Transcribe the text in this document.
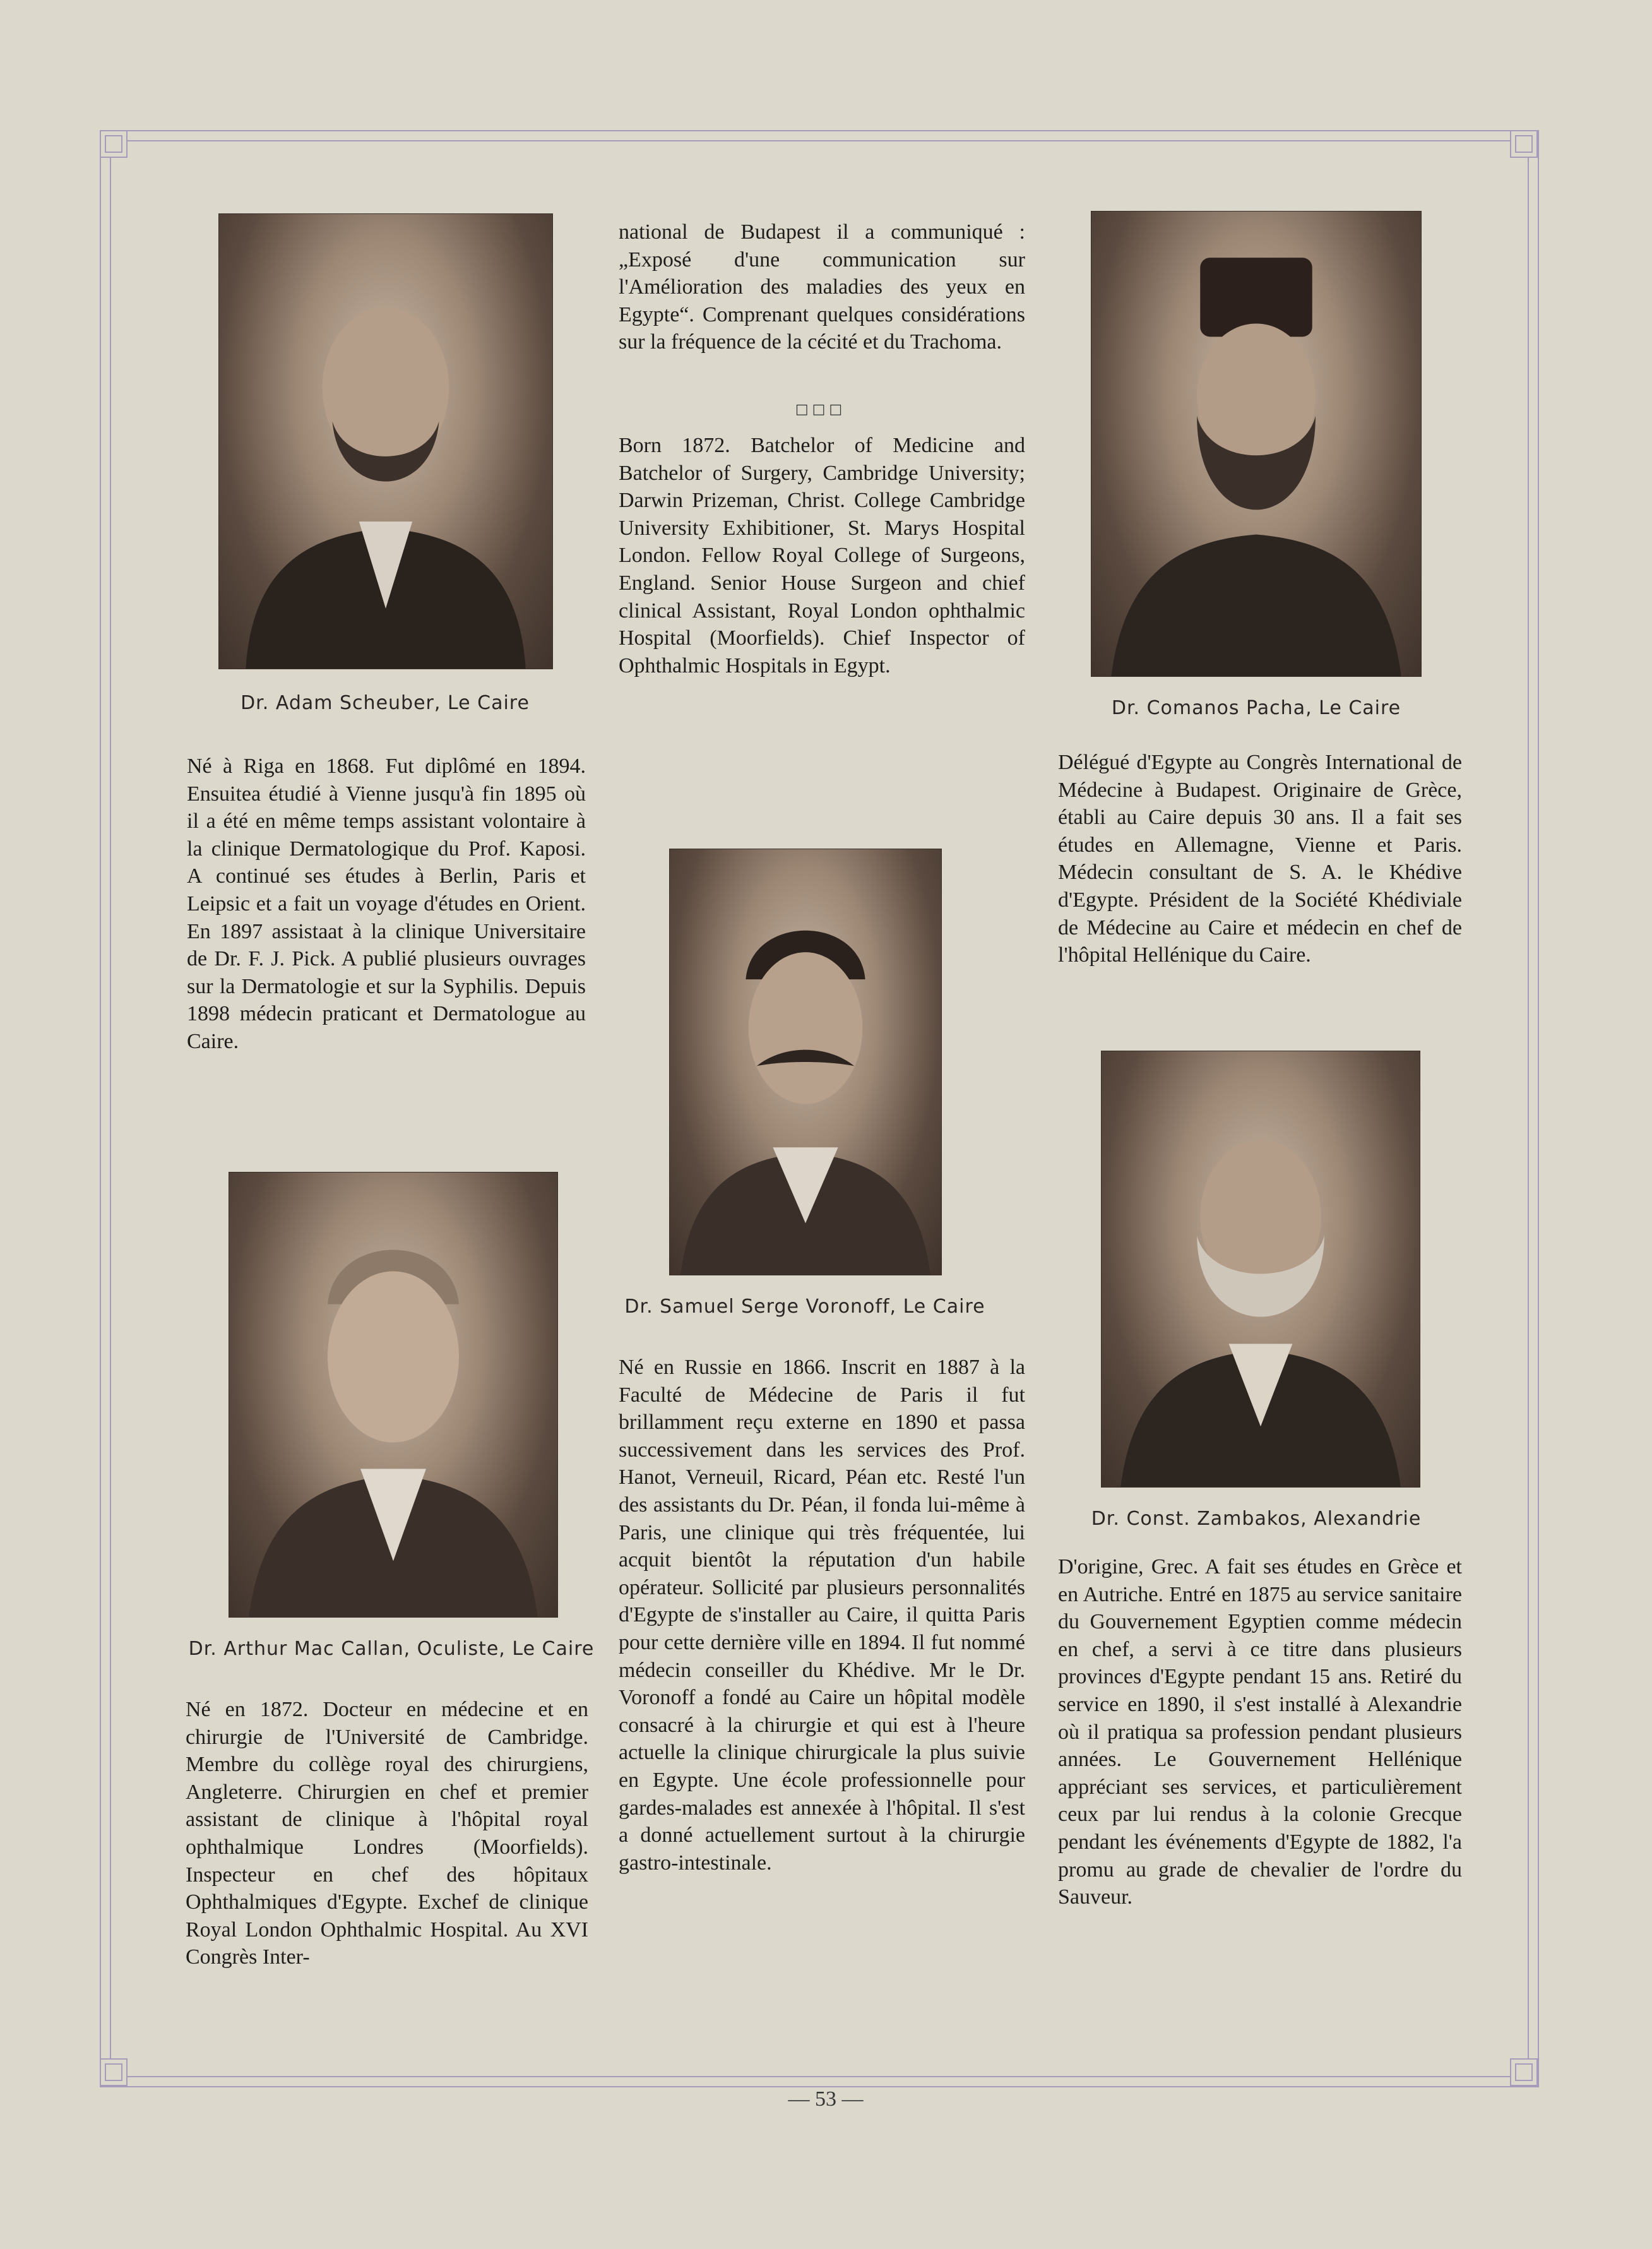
Dr. Adam Scheuber, Le Caire	Dr. Comanos Pacha, Le Caire
Dr. Samuel Serge Voronoff, Le Caire
Dr. Arthur Mac Callan, Oculiste, Le Caire
Dr. Const. Zambakos, Alexandrie

Né à Riga en 1868. Fut diplômé en 1894. Ensuitea étudié à Vienne jusqu'à fin 1895 où il a été en même temps assistant volontaire à la clinique Dermatologique du Prof. Kaposi. A continué ses études à Berlin, Paris et Leipsic et a fait un voyage d'études en Orient. En 1897 assistaat à la clinique Universitaire de Dr. F. J. Pick. A publié plusieurs ouvrages sur la Dermatologie et sur la Syphilis. Depuis 1898 médecin praticant et Dermatologue au Caire.

national de Budapest il a communiqué : „Exposé d'une communication sur l'Amélioration des maladies des yeux en Egypte“. Comprenant quelques considérations sur la fréquence de la cécité et du Trachoma.

□□□

Born 1872. Batchelor of Medicine and Batchelor of Surgery, Cambridge University; Darwin Prizeman, Christ. College Cambridge University Exhibitioner, St. Marys Hospital London. Fellow Royal College of Surgeons, England. Senior House Surgeon and chief clinical Assistant, Royal London ophthalmic Hospital (Moorfields). Chief Inspector of Ophthalmic Hospitals in Egypt.

Délégué d'Egypte au Congrès International de Médecine à Budapest. Originaire de Grèce, établi au Caire depuis 30 ans. Il a fait ses études en Allemagne, Vienne et Paris. Médecin consultant de S. A. le Khédive d'Egypte. Président de la Société Khédiviale de Médecine au Caire et médecin en chef de l'hôpital Hellénique du Caire.

Né en Russie en 1866. Inscrit en 1887 à la Faculté de Médecine de Paris il fut brillamment reçu externe en 1890 et passa successivement dans les services des Prof. Hanot, Verneuil, Ricard, Péan etc. Resté l'un des assistants du Dr. Péan, il fonda lui-même à Paris, une clinique qui très fréquentée, lui acquit bientôt la réputation d'un habile opérateur. Sollicité par plusieurs personnalités d'Egypte de s'installer au Caire, il quitta Paris pour cette dernière ville en 1894. Il fut nommé médecin conseiller du Khédive. Mr le Dr. Voronoff a fondé au Caire un hôpital modèle consacré à la chirurgie et qui est à l'heure actuelle la clinique chirurgicale la plus suivie en Egypte. Une école professionnelle pour gardes-malades est annexée à l'hôpital. Il s'est a donné actuellement surtout à la chirurgie gastro-intestinale.

Né en 1872. Docteur en médecine et en chirurgie de l'Université de Cambridge. Membre du collège royal des chirurgiens, Angleterre. Chirurgien en chef et premier assistant de clinique à l'hôpital royal ophthalmique Londres (Moorfields). Inspecteur en chef des hôpitaux Ophthalmiques d'Egypte. Exchef de clinique Royal London Ophthalmic Hospital. Au XVI Congrès Inter-

D'origine, Grec. A fait ses études en Grèce et en Autriche. Entré en 1875 au service sanitaire du Gouvernement Egyptien comme médecin en chef, a servi à ce titre dans plusieurs provinces d'Egypte pendant 15 ans. Retiré du service en 1890, il s'est installé à Alexandrie où il pratiqua sa profession pendant plusieurs années. Le Gouvernement Hellénique appréciant ses services, et particulièrement ceux par lui rendus à la colonie Grecque pendant les événements d'Egypte de 1882, l'a promu au grade de chevalier de l'ordre du Sauveur.

— 53 —
